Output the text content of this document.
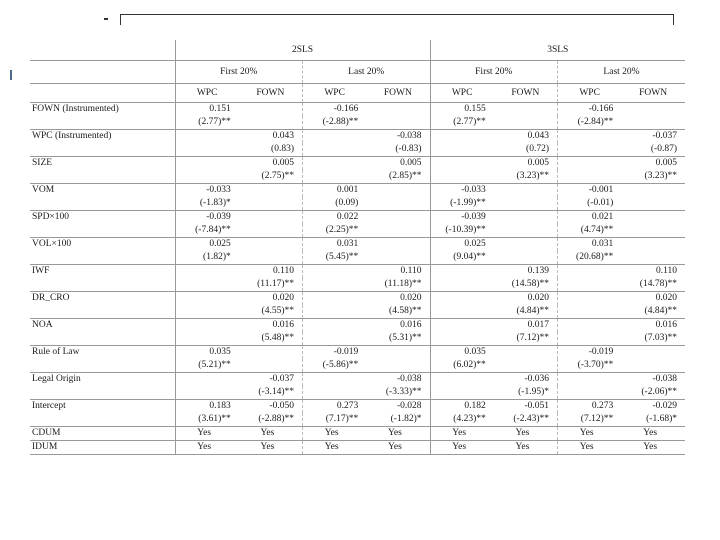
	2SLS				3SLS			
	First 20%		Last 20%		First 20%		Last 20%	
	WPC	FOWN	WPC	FOWN	WPC	FOWN	WPC	FOWN
FOWN (Instrumented)	0.151		-0.166		0.155		-0.166	
	(2.77)**		(-2.88)**		(2.77)**		(-2.84)**	
WPC (Instrumented)		0.043		-0.038		0.043		-0.037
		(0.83)		(-0.83)		(0.72)		(-0.87)
SIZE		0.005		0.005		0.005		0.005
		(2.75)**		(2.85)**		(3.23)**		(3.23)**
VOM	-0.033		0.001		-0.033		-0.001	
	(-1.83)*		(0.09)		(-1.99)**		(-0.01)	
SPD×100	-0.039		0.022		-0.039		0.021	
	(-7.84)**		(2.25)**		(-10.39)**		(4.74)**	
VOL×100	0.025		0.031		0.025		0.031	
	(1.82)*		(5.45)**		(9.04)**		(20.68)**	
IWF		0.110		0.110		0.139		0.110
		(11.17)**		(11.18)**		(14.58)**		(14.78)**
DR_CRO		0.020		0.020		0.020		0.020
		(4.55)**		(4.58)**		(4.84)**		(4.84)**
NOA		0.016		0.016		0.017		0.016
		(5.48)**		(5.31)**		(7.12)**		(7.03)**
Rule of Law	0.035		-0.019		0.035		-0.019	
	(5.21)**		(-5.86)**		(6.02)**		(-3.70)**	
Legal Origin		-0.037		-0.038		-0.036		-0.038
		(-3.14)**		(-3.33)**		(-1.95)*		(-2.06)**
Intercept	0.183	-0.050	0.273	-0.028	0.182	-0.051	0.273	-0.029
	(3.61)**	(-2.88)**	(7.17)**	(-1.82)*	(4.23)**	(-2.43)**	(7.12)**	(-1.68)*
CDUM	Yes	Yes	Yes	Yes	Yes	Yes	Yes	Yes
IDUM	Yes	Yes	Yes	Yes	Yes	Yes	Yes	Yes
